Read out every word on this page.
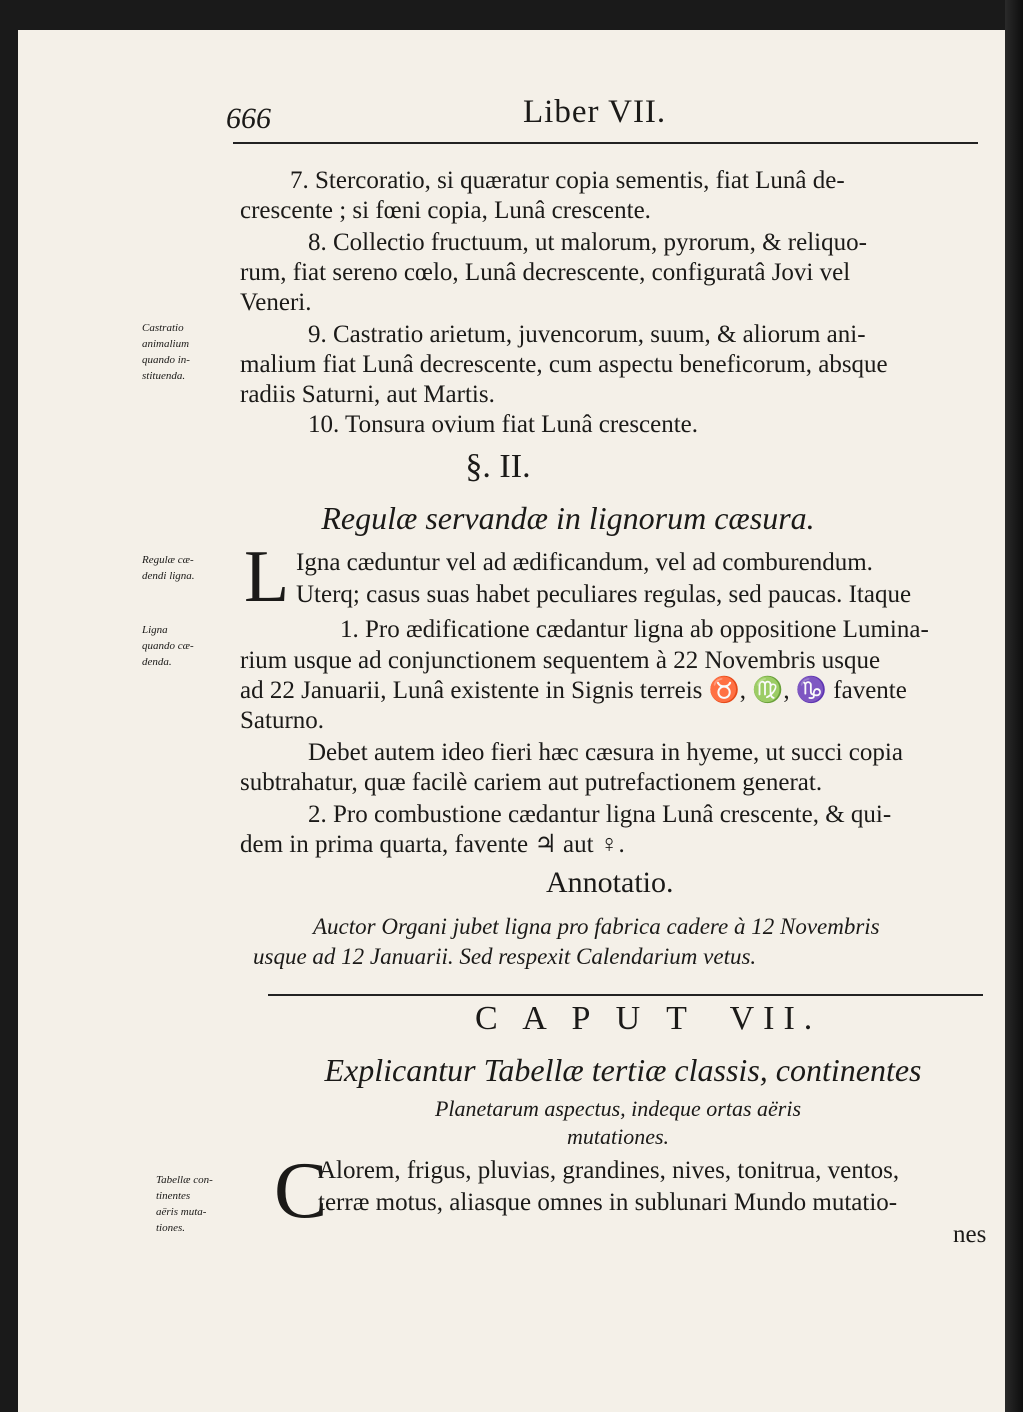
666	Liber VII.
7. Stercoratio, si quæratur copia sementis, fiat Lunâ de-
crescente ; si fœni copia, Lunâ crescente.
8. Collectio fructuum, ut malorum, pyrorum, & reliquo-
rum, fiat sereno cœlo, Lunâ decrescente, configuratâ Jovi vel
Veneri.
9. Castratio arietum, juvencorum, suum, & aliorum ani-
malium fiat Lunâ decrescente, cum aspectu beneficorum, absque
radiis Saturni, aut Martis.
10. Tonsura ovium fiat Lunâ crescente.
Castratio
animalium
quando in-
stituenda.
§. II.
Regulæ servandæ in lignorum cæsura.
L Igna cæduntur vel ad ædificandum, vel ad comburendum.
Uterq; casus suas habet peculiares regulas, sed paucas. Itaque
1. Pro ædificatione cædantur ligna ab oppositione Lumina-
rium usque ad conjunctionem sequentem à 22 Novembris usque
ad 22 Januarii, Lunâ existente in Signis terreis ♉, ♍, ♑ favente
Saturno.
Debet autem ideo fieri hæc cæsura in hyeme, ut succi copia
subtrahatur, quæ facilè cariem aut putrefactionem generat.
2. Pro combustione cædantur ligna Lunâ crescente, & qui-
dem in prima quarta, favente ♃ aut ♀.
Regulæ cæ-
dendi ligna.
Ligna
quando cæ-
denda.
Annotatio.
Auctor Organi jubet ligna pro fabrica cadere à 12 Novembris
usque ad 12 Januarii. Sed respexit Calendarium vetus.
C A P U T  VII.
Explicantur Tabellæ tertiæ classis, continentes
Planetarum aspectus, indeque ortas aëris
mutationes.
C
Alorem, frigus, pluvias, grandines, nives, tonitrua, ventos,
terræ motus, aliasque omnes in sublunari Mundo mutatio-
nes
Tabellæ con-
tinentes
aëris muta-
tiones.
